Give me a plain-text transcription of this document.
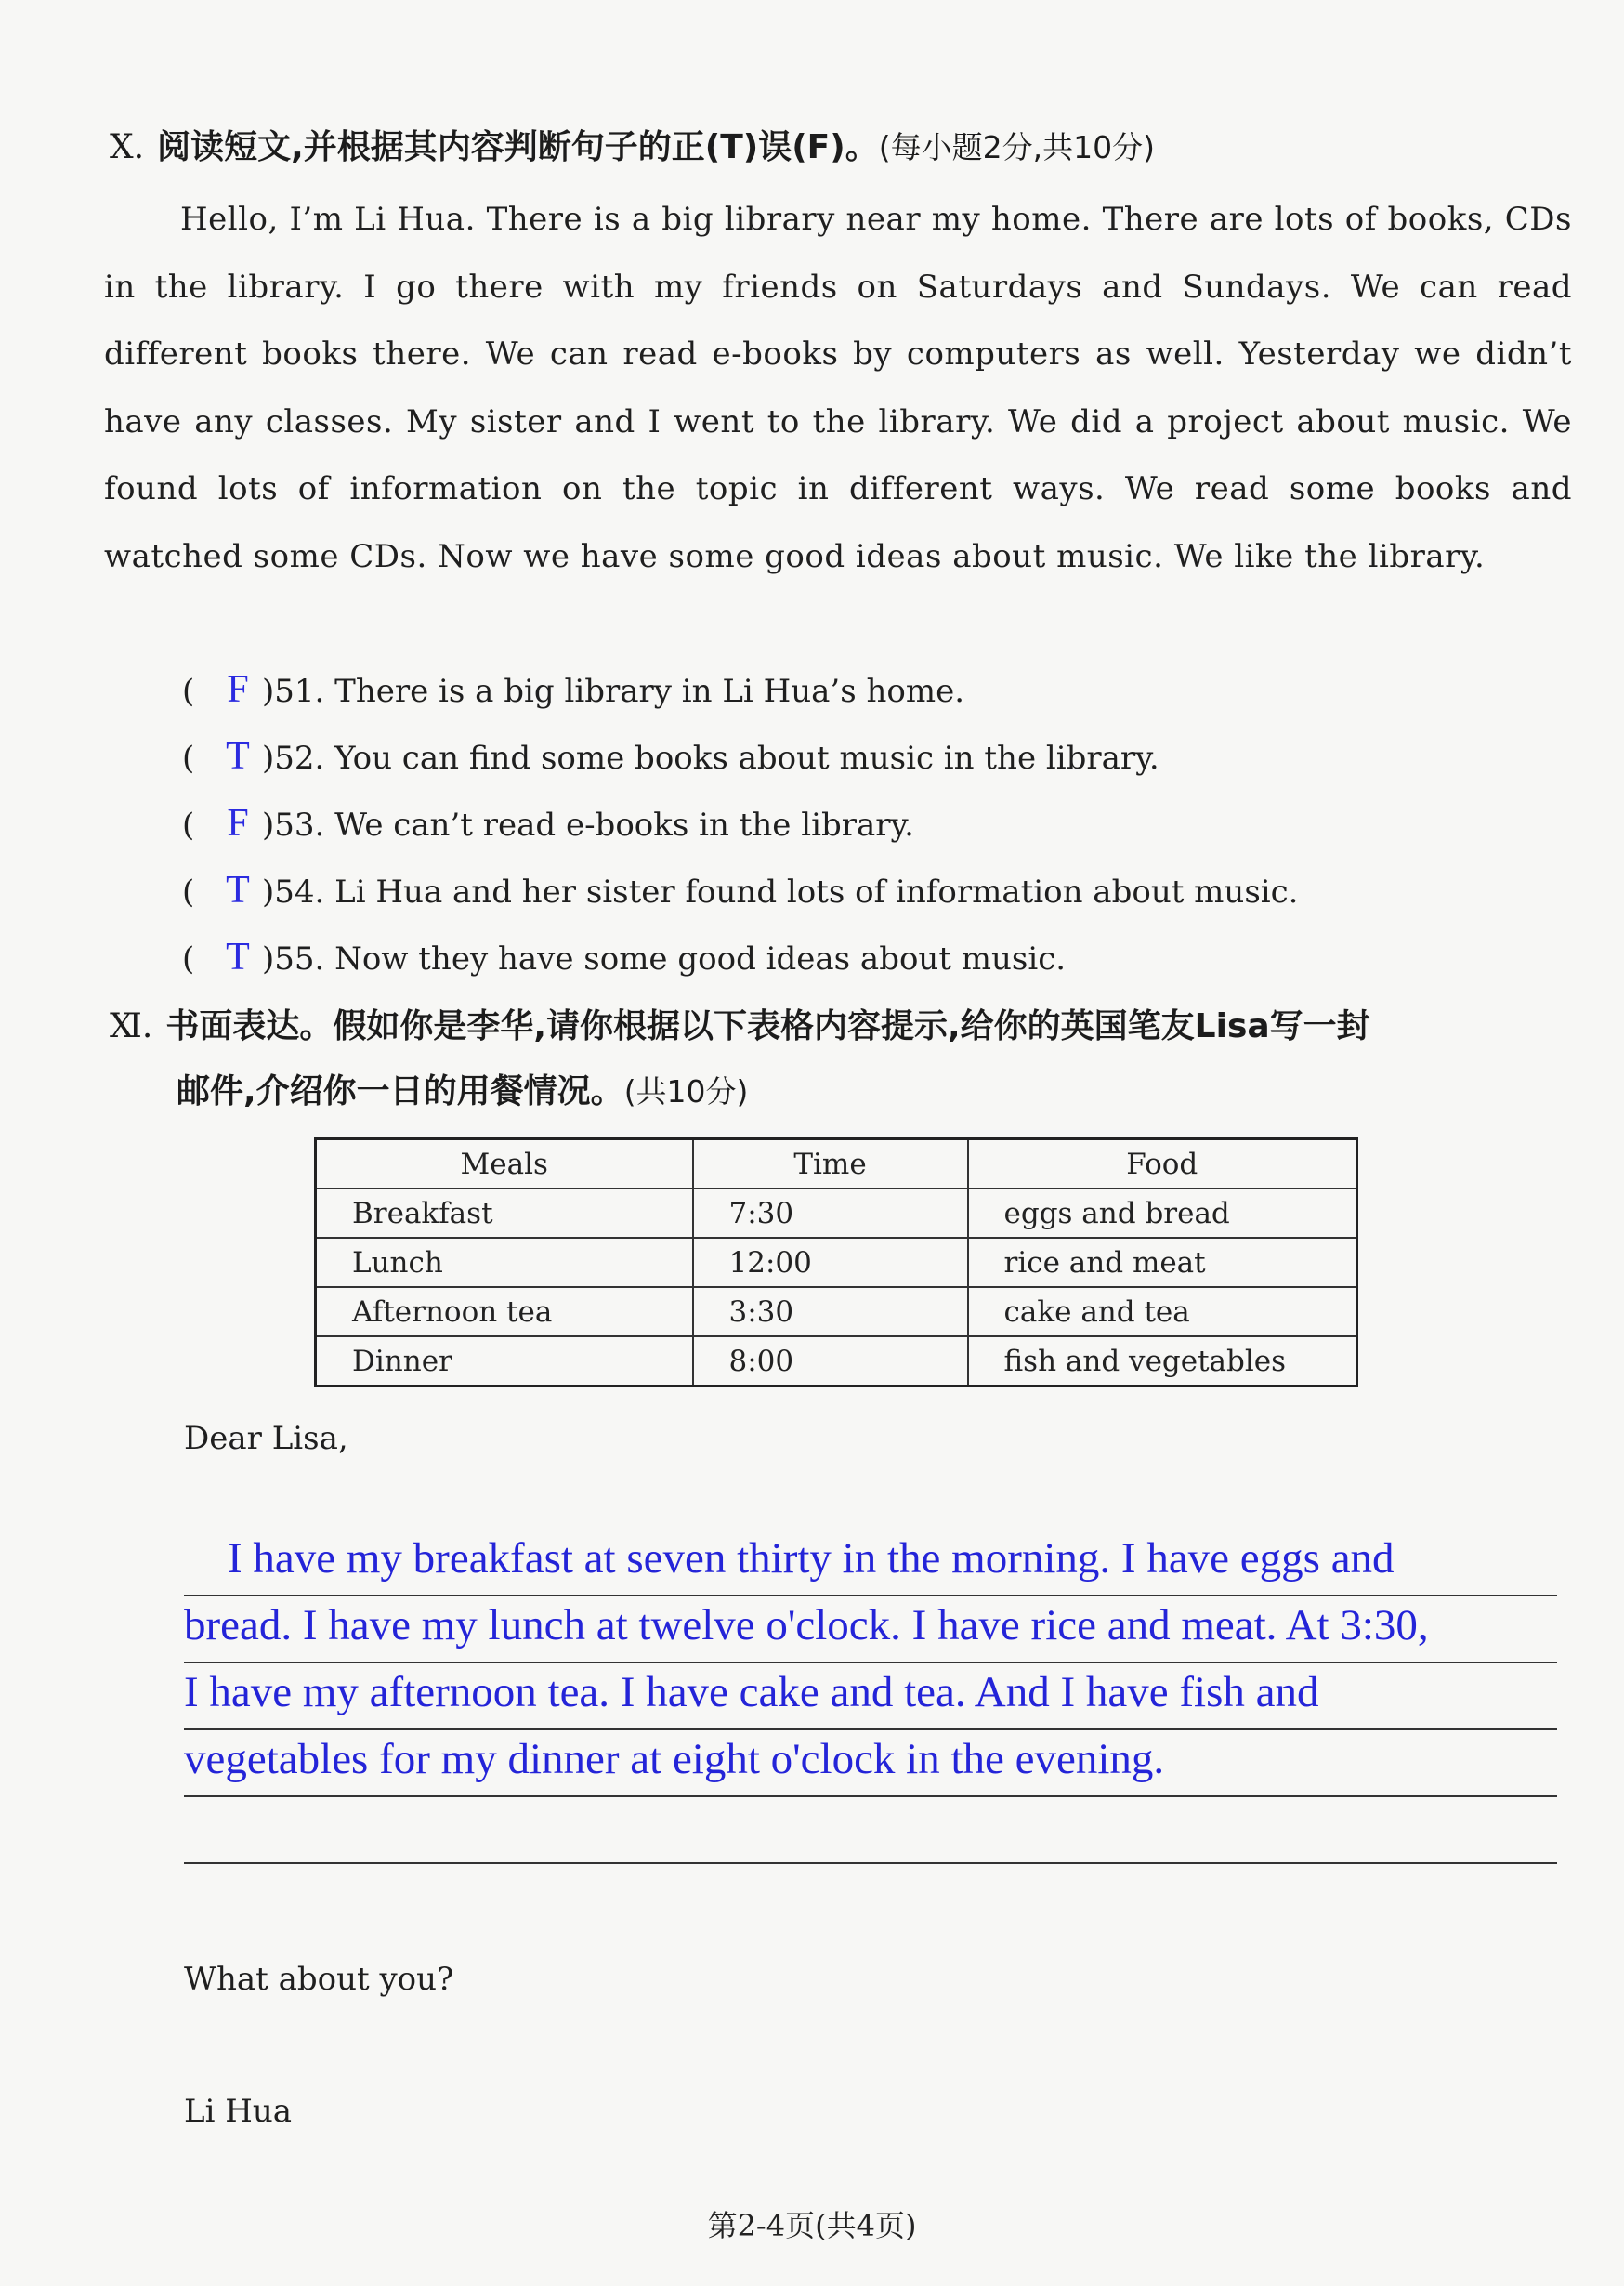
Ⅹ. 阅读短文,并根据其内容判断句子的正(T)误(F)。(每小题2分,共10分)
Hello, I’m Li Hua. There is a big library near my home. There are lots of books, CDs in the library. I go there with my friends on Saturdays and Sundays. We can read different books there. We can read e-books by computers as well. Yesterday we didn’t have any classes. My sister and I went to the library. We did a project about music. We found lots of information on the topic in different ways. We read some books and watched some CDs. Now we have some good ideas about music. We like the library.
( F )51. There is a big library in Li Hua’s home.
( T )52. You can find some books about music in the library.
( F )53. We can’t read e-books in the library.
( T )54. Li Hua and her sister found lots of information about music.
( T )55. Now they have some good ideas about music.
Ⅺ. 书面表达。假如你是李华,请你根据以下表格内容提示,给你的英国笔友Lisa写一封
邮件,介绍你一日的用餐情况。(共10分)
Meals	Time	Food
Breakfast	7:30	eggs and bread
Lunch	12:00	rice and meat
Afternoon tea	3:30	cake and tea
Dinner	8:00	fish and vegetables
Dear Lisa,
I have my breakfast at seven thirty in the morning. I have eggs and
bread. I have my lunch at twelve o'clock. I have rice and meat. At 3:30,
I have my afternoon tea. I have cake and tea. And I have fish and
vegetables for my dinner at eight o'clock in the evening.
What about you?
Li Hua
第2-4页(共4页)
